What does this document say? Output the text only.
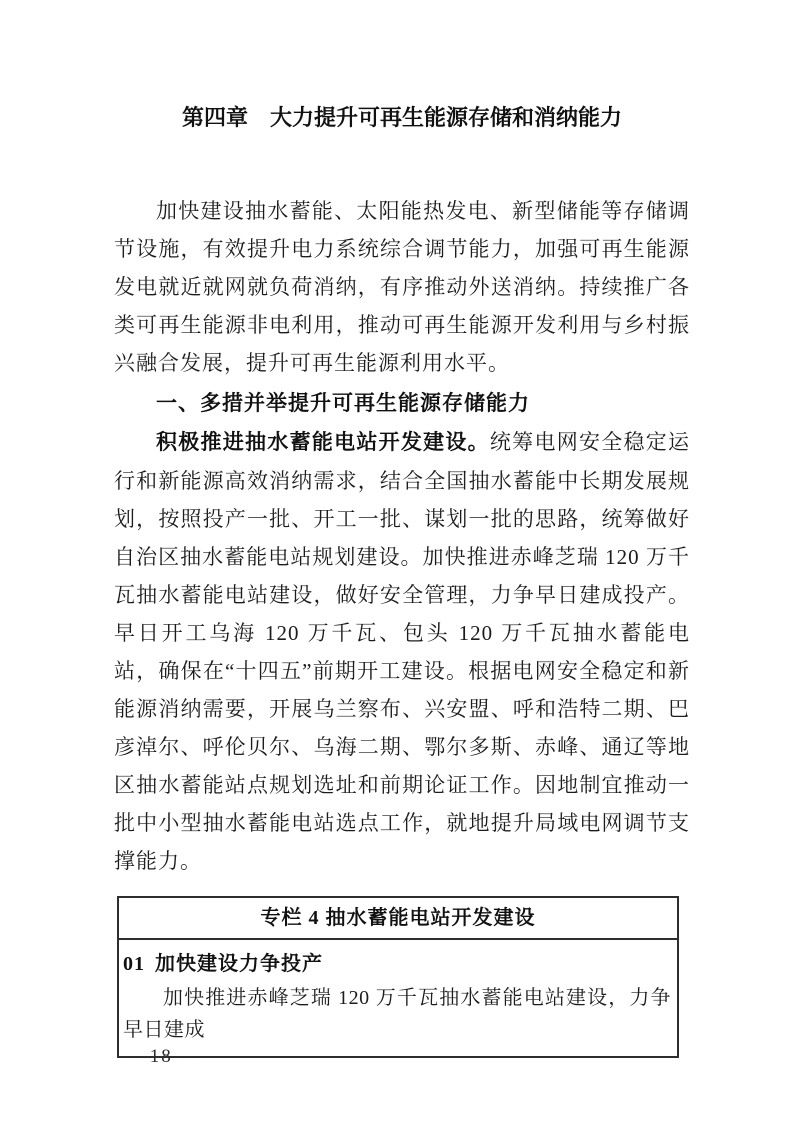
第四章　大力提升可再生能源存储和消纳能力

加快建设抽水蓄能、太阳能热发电、新型储能等存储调节设施，有效提升电力系统综合调节能力，加强可再生能源发电就近就网就负荷消纳，有序推动外送消纳。持续推广各类可再生能源非电利用，推动可再生能源开发利用与乡村振兴融合发展，提升可再生能源利用水平。

一、多措并举提升可再生能源存储能力

积极推进抽水蓄能电站开发建设。统筹电网安全稳定运行和新能源高效消纳需求，结合全国抽水蓄能中长期发展规划，按照投产一批、开工一批、谋划一批的思路，统筹做好自治区抽水蓄能电站规划建设。加快推进赤峰芝瑞 120 万千瓦抽水蓄能电站建设，做好安全管理，力争早日建成投产。早日开工乌海 120 万千瓦、包头 120 万千瓦抽水蓄能电站，确保在“十四五”前期开工建设。根据电网安全稳定和新能源消纳需要，开展乌兰察布、兴安盟、呼和浩特二期、巴彦淖尔、呼伦贝尔、乌海二期、鄂尔多斯、赤峰、通辽等地区抽水蓄能站点规划选址和前期论证工作。因地制宜推动一批中小型抽水蓄能电站选点工作，就地提升局域电网调节支撑能力。

专栏 4 抽水蓄能电站开发建设
01 加快建设力争投产

加快推进赤峰芝瑞 120 万千瓦抽水蓄能电站建设，力争早日建成

— 18 —
